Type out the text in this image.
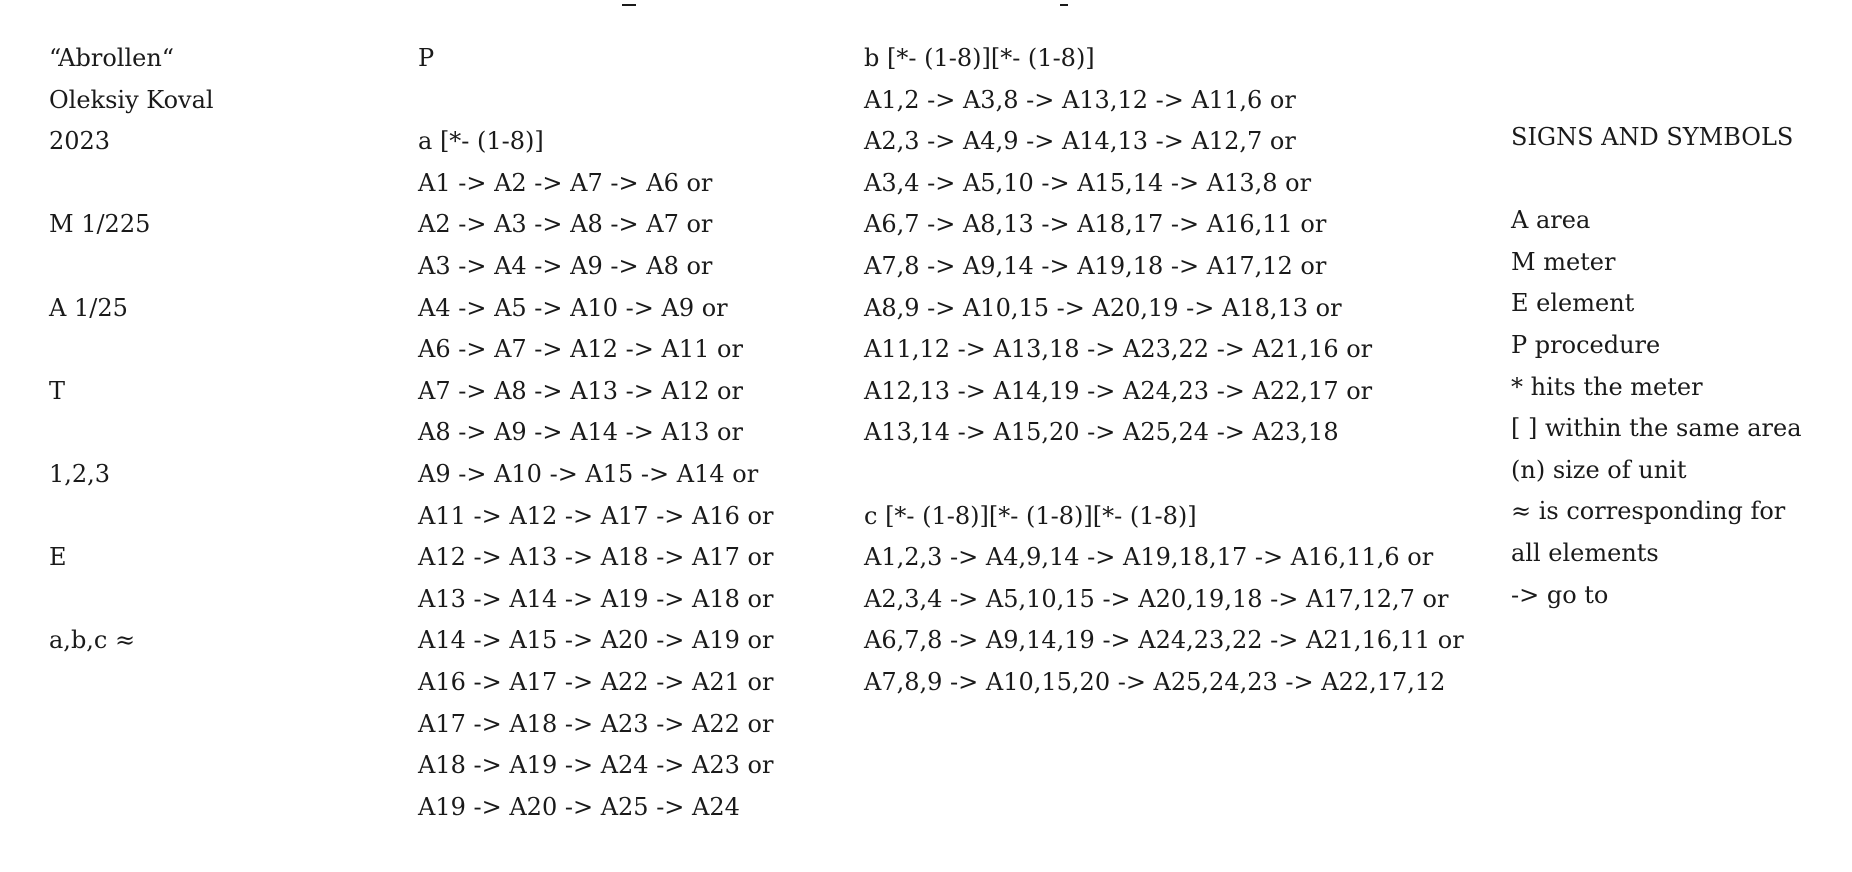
“Abrollen“
Oleksiy Koval
2023
M 1/225
A 1/25
T
1,2,3
E
a,b,c ≈
P
a [*- (1-8)]
A1 -> A2 -> A7 -> A6 or
A2 -> A3 -> A8 -> A7 or
A3 -> A4 -> A9 -> A8 or
A4 -> A5 -> A10 -> A9 or
A6 -> A7 -> A12 -> A11 or
A7 -> A8 -> A13 -> A12 or
A8 -> A9 -> A14 -> A13 or
A9 -> A10 -> A15 -> A14 or
A11 -> A12 -> A17 -> A16 or
A12 -> A13 -> A18 -> A17 or
A13 -> A14 -> A19 -> A18 or
A14 -> A15 -> A20 -> A19 or
A16 -> A17 -> A22 -> A21 or
A17 -> A18 -> A23 -> A22 or
A18 -> A19 -> A24 -> A23 or
A19 -> A20 -> A25 -> A24
b [*- (1-8)][*- (1-8)]
A1,2 -> A3,8 -> A13,12 -> A11,6 or
A2,3 -> A4,9 -> A14,13 -> A12,7 or
A3,4 -> A5,10 -> A15,14 -> A13,8 or
A6,7 -> A8,13 -> A18,17 -> A16,11 or
A7,8 -> A9,14 -> A19,18 -> A17,12 or
A8,9 -> A10,15 -> A20,19 -> A18,13 or
A11,12 -> A13,18 -> A23,22 -> A21,16 or
A12,13 -> A14,19 -> A24,23 -> A22,17 or
A13,14 -> A15,20 -> A25,24 -> A23,18
c [*- (1-8)][*- (1-8)][*- (1-8)]
A1,2,3 -> A4,9,14 -> A19,18,17 -> A16,11,6 or
A2,3,4 -> A5,10,15 -> A20,19,18 -> A17,12,7 or
A6,7,8 -> A9,14,19 -> A24,23,22 -> A21,16,11 or
A7,8,9 -> A10,15,20 -> A25,24,23 -> A22,17,12
SIGNS AND SYMBOLS
A area
M meter
E element
P procedure
* hits the meter
[ ] within the same area
(n) size of unit
≈ is corresponding for
all elements
-> go to
